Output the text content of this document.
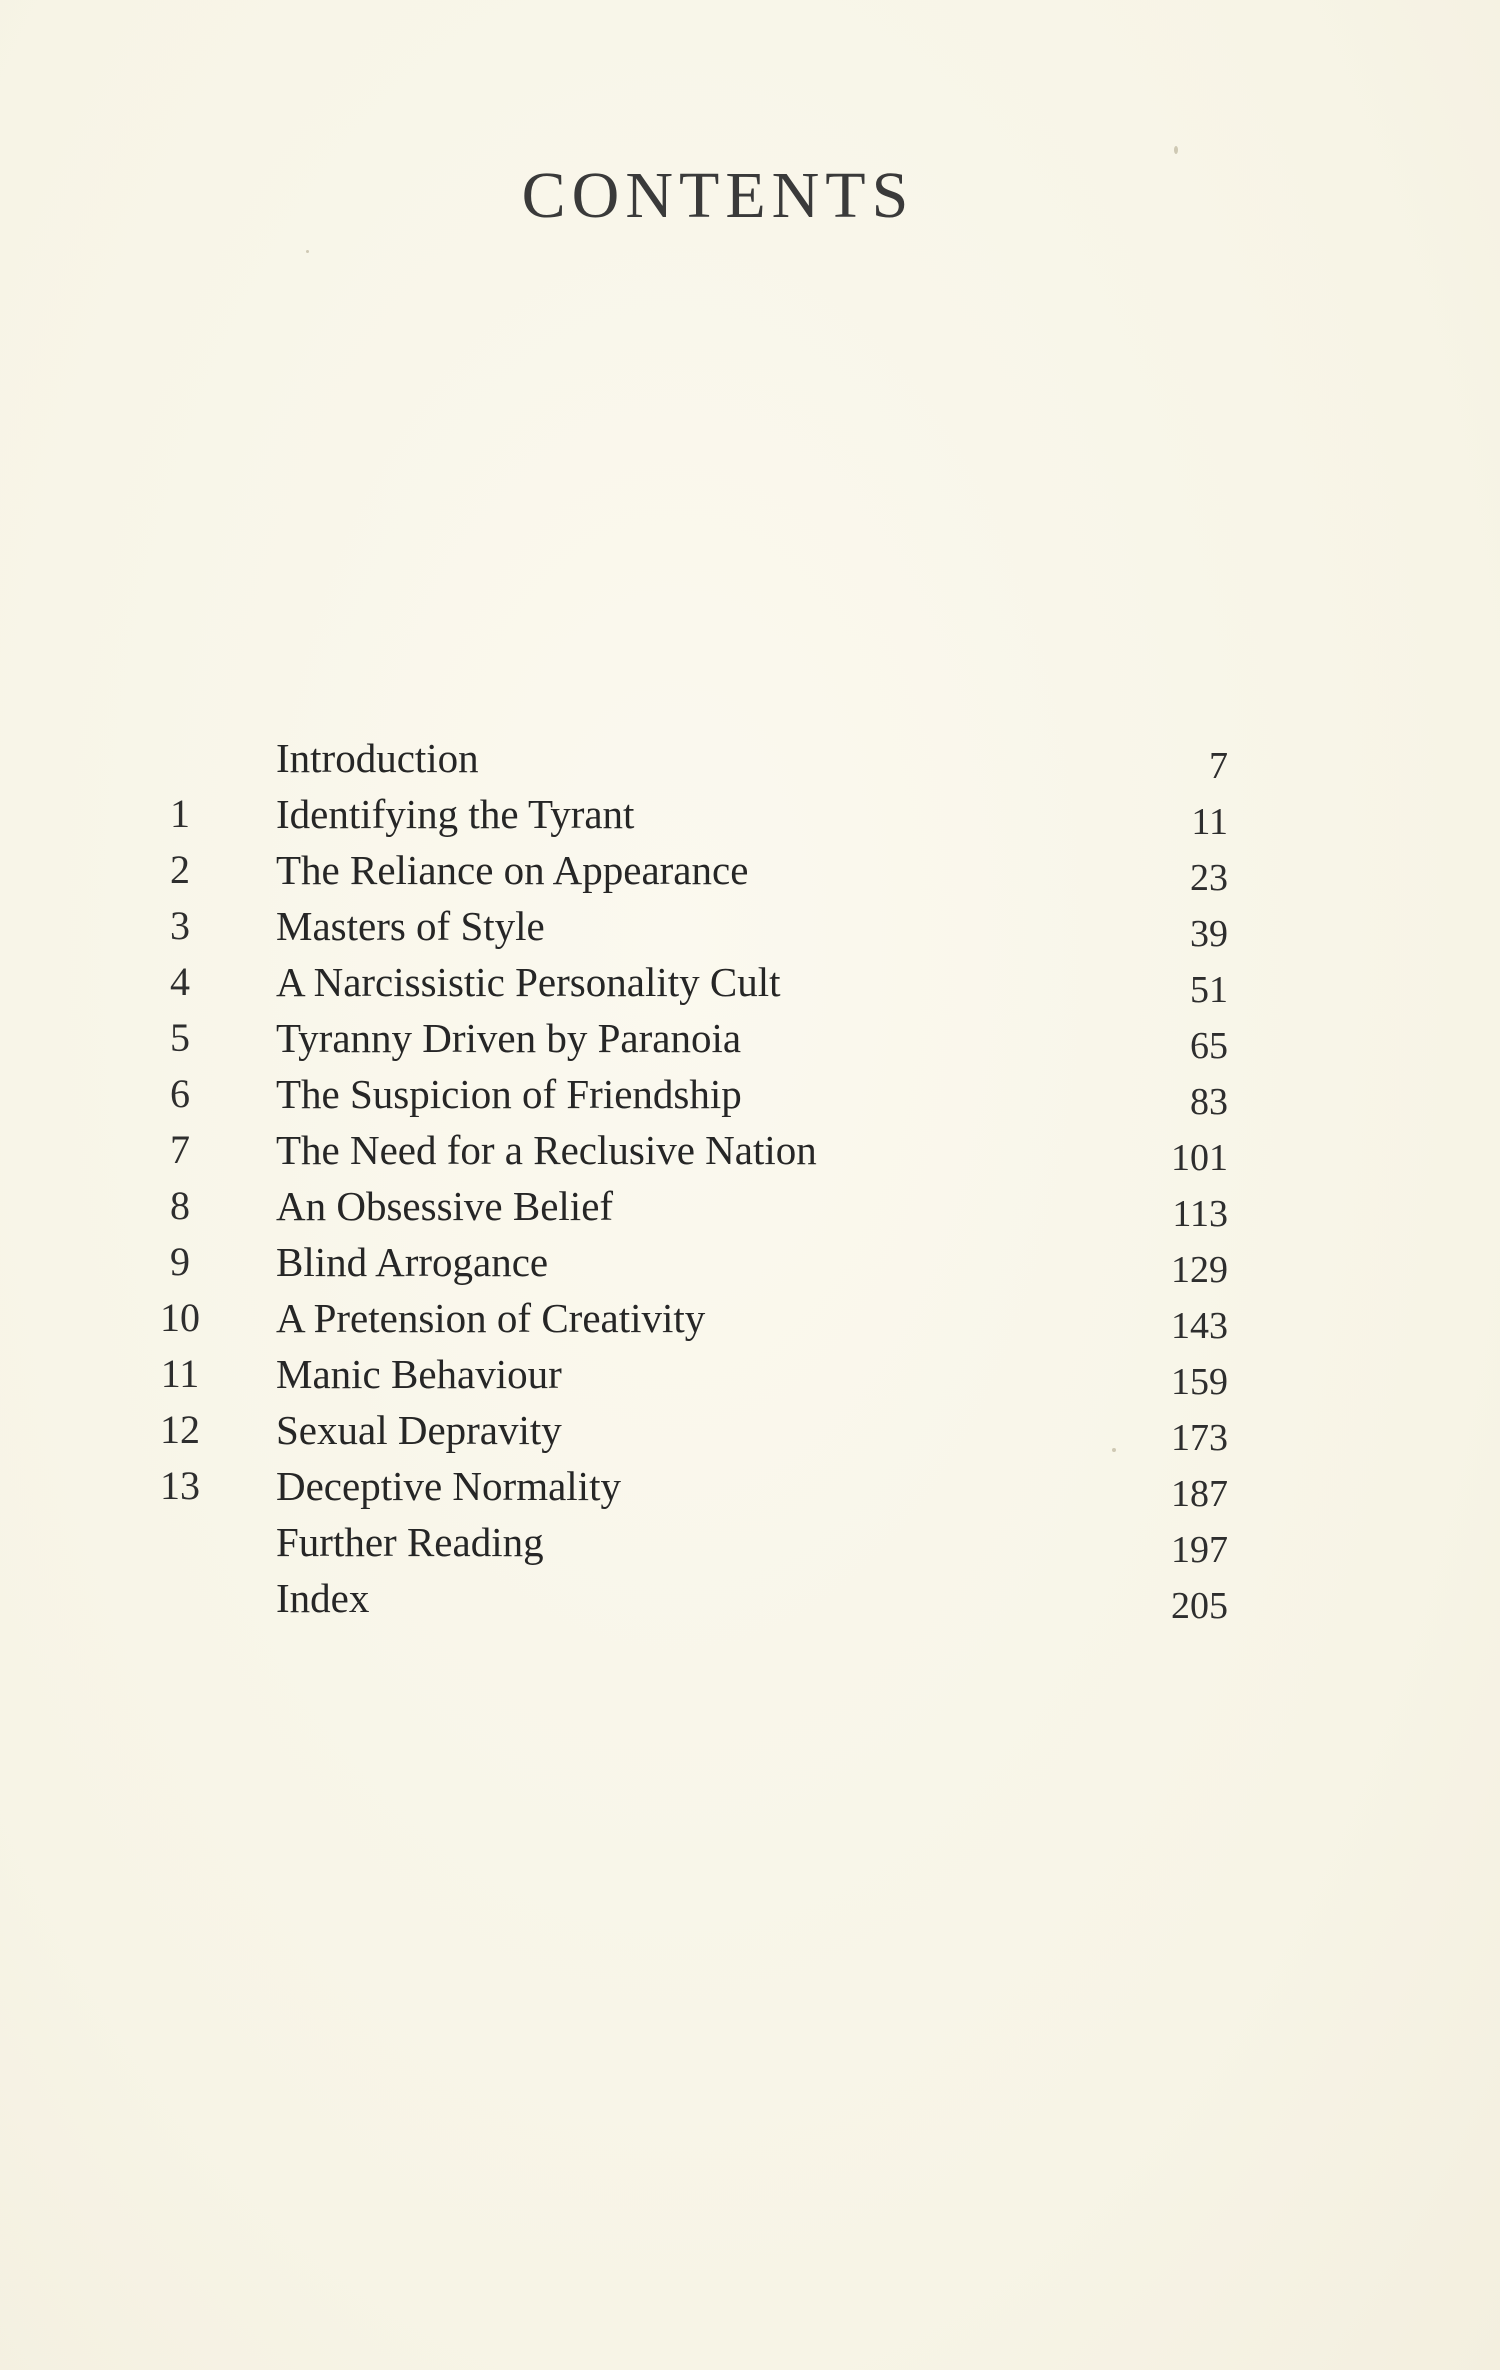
CONTENTS
Introduction	7
1	Identifying the Tyrant	11
2	The Reliance on Appearance	23
3	Masters of Style	39
4	A Narcissistic Personality Cult	51
5	Tyranny Driven by Paranoia	65
6	The Suspicion of Friendship	83
7	The Need for a Reclusive Nation	101
8	An Obsessive Belief	113
9	Blind Arrogance	129
10	A Pretension of Creativity	143
11	Manic Behaviour	159
12	Sexual Depravity	173
13	Deceptive Normality	187
Further Reading	197
Index	205
